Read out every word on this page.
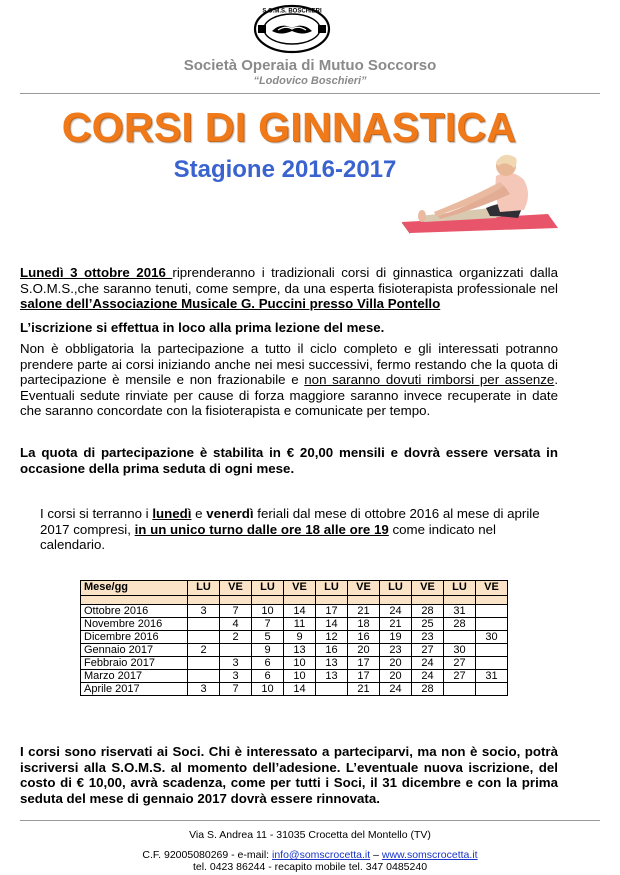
S.O.M.S. BOSCHIERI
Società Operaia di Mutuo Soccorso
“Lodovico Boschieri”
CORSI DI GINNASTICA
Stagione 2016-2017
Lunedì 3 ottobre 2016 riprenderanno i tradizionali corsi di ginnastica organizzati dalla S.O.M.S.,che saranno tenuti, come sempre, da una esperta fisioterapista professionale nel salone dell’Associazione Musicale G. Puccini presso Villa Pontello
L’iscrizione si effettua in loco alla prima lezione del mese.
Non è obbligatoria la partecipazione a tutto il ciclo completo e gli interessati potranno prendere parte ai corsi iniziando anche nei mesi successivi, fermo restando che la quota di partecipazione è mensile e non frazionabile e non saranno dovuti rimborsi per assenze. Eventuali sedute rinviate per cause di forza maggiore saranno invece recuperate in date che saranno concordate con la fisioterapista e comunicate per tempo.
La quota di partecipazione è stabilita in € 20,00 mensili e dovrà essere versata in occasione della prima seduta di ogni mese.
I corsi si terranno i lunedì e venerdì feriali dal mese di ottobre 2016 al mese di aprile 2017 compresi, in un unico turno dalle ore 18 alle ore 19 come indicato nel calendario.
Mese/gg	LU	VE	LU	VE	LU	VE	LU	VE	LU	VE

Ottobre 2016	3	7	10	14	17	21	24	28	31	
Novembre 2016		4	7	11	14	18	21	25	28	
Dicembre 2016		2	5	9	12	16	19	23		30
Gennaio 2017	2		9	13	16	20	23	27	30	
Febbraio 2017		3	6	10	13	17	20	24	27	
Marzo 2017		3	6	10	13	17	20	24	27	31
Aprile 2017	3	7	10	14		21	24	28		
I corsi sono riservati ai Soci. Chi è interessato a parteciparvi, ma non è socio, potrà iscriversi alla S.O.M.S. al momento dell’adesione. L’eventuale nuova iscrizione, del costo di € 10,00, avrà scadenza, come per tutti i Soci, il 31 dicembre e con la prima seduta del mese di gennaio 2017 dovrà essere rinnovata.
Via S. Andrea 11 - 31035 Crocetta del Montello (TV)
C.F. 92005080269 - e-mail: info@somscrocetta.it – www.somscrocetta.it
tel. 0423 86244 - recapito mobile tel. 347 0485240
